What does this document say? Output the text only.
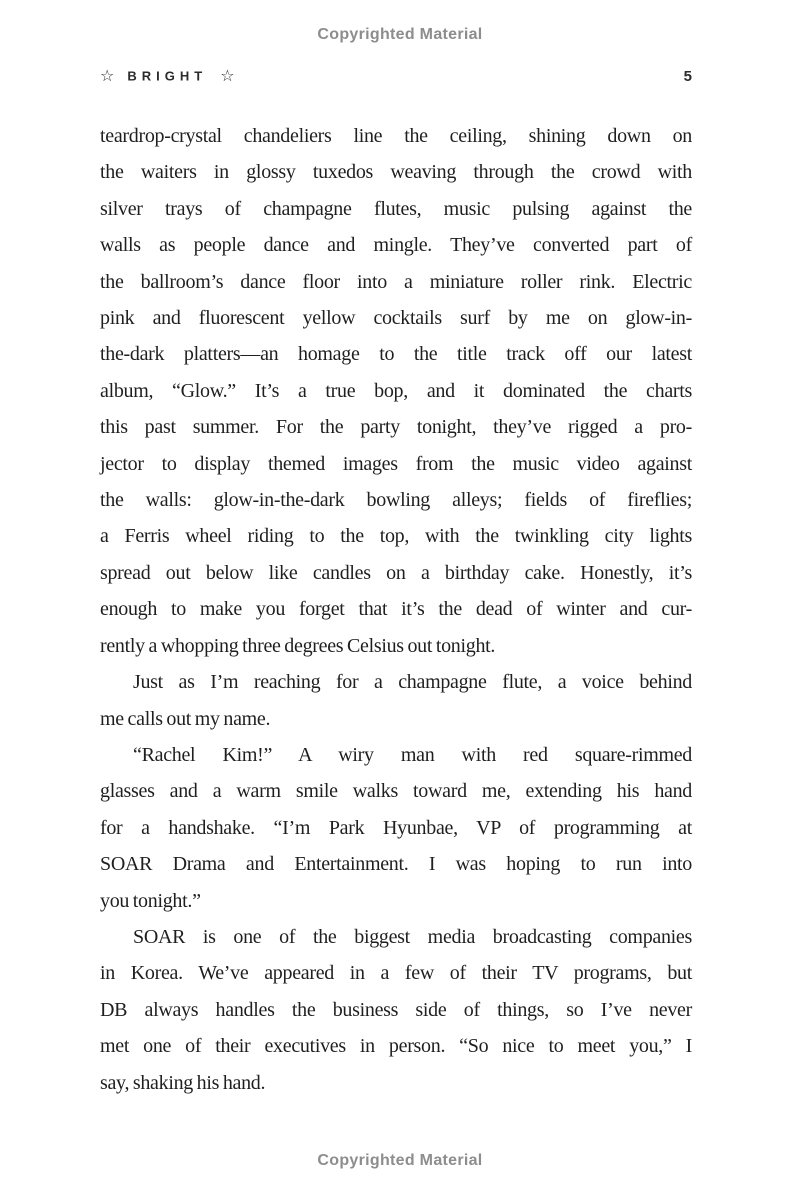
Copyrighted Material
☆ BRIGHT ☆	5
teardrop-crystal chandeliers line the ceiling, shining down on
the waiters in glossy tuxedos weaving through the crowd with
silver trays of champagne flutes, music pulsing against the
walls as people dance and mingle. They’ve converted part of
the ballroom’s dance floor into a miniature roller rink. Electric
pink and fluorescent yellow cocktails surf by me on glow-in-
the-dark platters—an homage to the title track off our latest
album, “Glow.” It’s a true bop, and it dominated the charts
this past summer. For the party tonight, they’ve rigged a pro-
jector to display themed images from the music video against
the walls: glow-in-the-dark bowling alleys; fields of fireflies;
a Ferris wheel riding to the top, with the twinkling city lights
spread out below like candles on a birthday cake. Honestly, it’s
enough to make you forget that it’s the dead of winter and cur-
rently a whopping three degrees Celsius out tonight.
Just as I’m reaching for a champagne flute, a voice behind
me calls out my name.
“Rachel Kim!” A wiry man with red square-rimmed
glasses and a warm smile walks toward me, extending his hand
for a handshake. “I’m Park Hyunbae, VP of programming at
SOAR Drama and Entertainment. I was hoping to run into
you tonight.”
SOAR is one of the biggest media broadcasting companies
in Korea. We’ve appeared in a few of their TV programs, but
DB always handles the business side of things, so I’ve never
met one of their executives in person. “So nice to meet you,” I
say, shaking his hand.
Copyrighted Material
